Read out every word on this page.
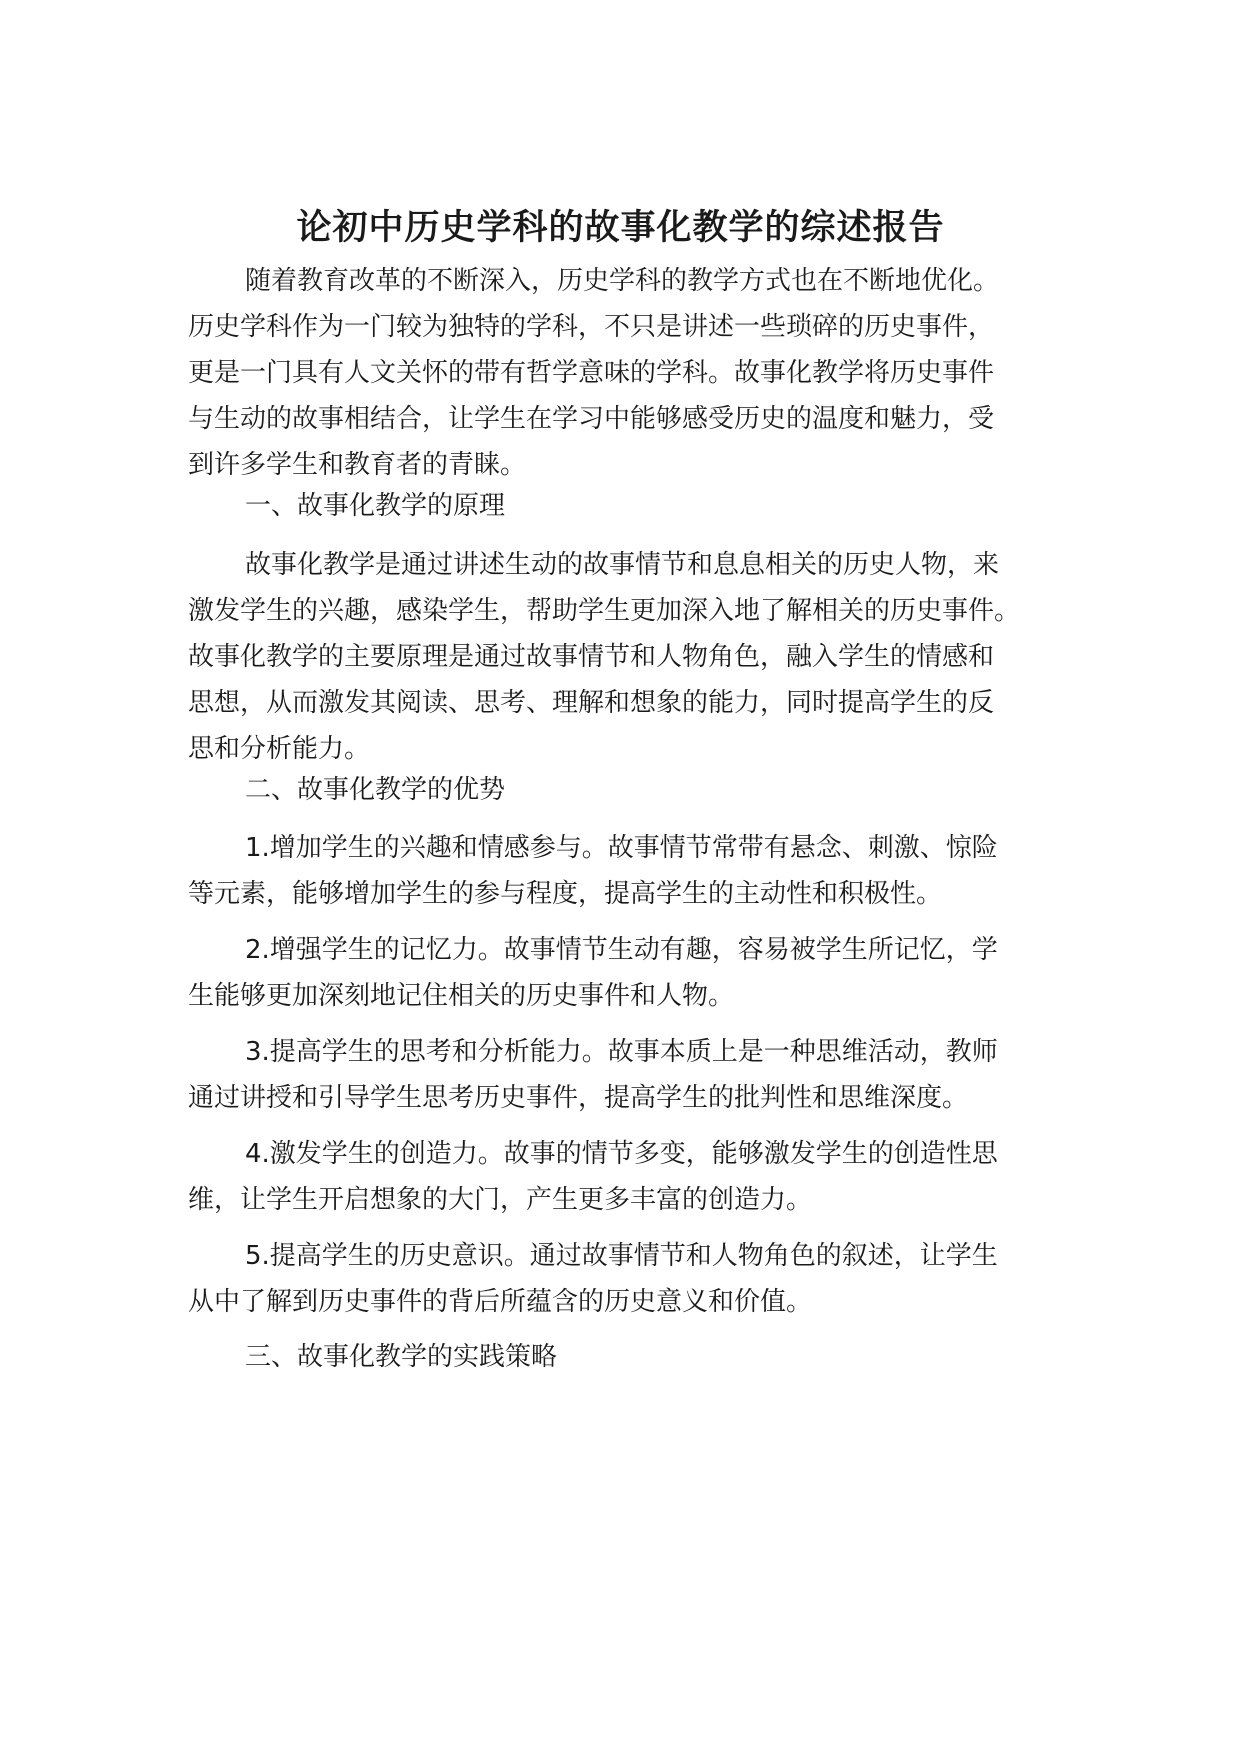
论初中历史学科的故事化教学的综述报告

随着教育改革的不断深入，历史学科的教学方式也在不断地优化。
历史学科作为一门较为独特的学科，不只是讲述一些琐碎的历史事件，
更是一门具有人文关怀的带有哲学意味的学科。故事化教学将历史事件
与生动的故事相结合，让学生在学习中能够感受历史的温度和魅力，受
到许多学生和教育者的青睐。

一、故事化教学的原理

故事化教学是通过讲述生动的故事情节和息息相关的历史人物，来
激发学生的兴趣，感染学生，帮助学生更加深入地了解相关的历史事件。
故事化教学的主要原理是通过故事情节和人物角色，融入学生的情感和
思想，从而激发其阅读、思考、理解和想象的能力，同时提高学生的反
思和分析能力。

二、故事化教学的优势

1.增加学生的兴趣和情感参与。故事情节常带有悬念、刺激、惊险
等元素，能够增加学生的参与程度，提高学生的主动性和积极性。

2.增强学生的记忆力。故事情节生动有趣，容易被学生所记忆，学
生能够更加深刻地记住相关的历史事件和人物。

3.提高学生的思考和分析能力。故事本质上是一种思维活动，教师
通过讲授和引导学生思考历史事件，提高学生的批判性和思维深度。

4.激发学生的创造力。故事的情节多变，能够激发学生的创造性思
维，让学生开启想象的大门，产生更多丰富的创造力。

5.提高学生的历史意识。通过故事情节和人物角色的叙述，让学生
从中了解到历史事件的背后所蕴含的历史意义和价值。

三、故事化教学的实践策略
